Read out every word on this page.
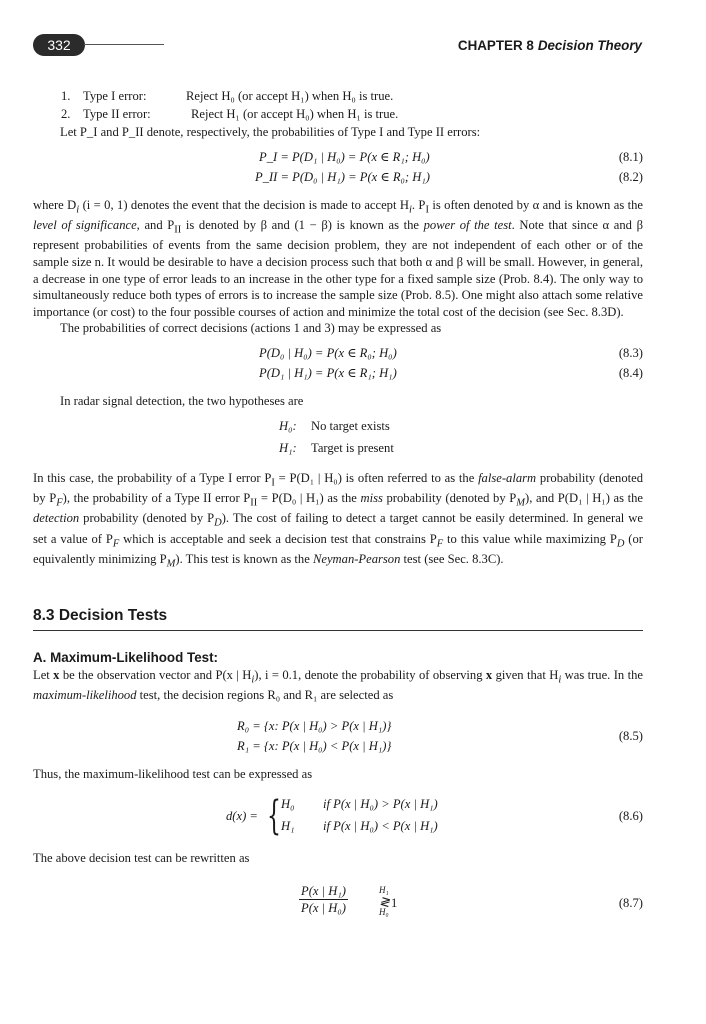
332	CHAPTER 8 Decision Theory
1. Type I error:	Reject H₀ (or accept H₁) when H₀ is true.
2. Type II error:	Reject H₁ (or accept H₀) when H₁ is true.

Let P_I and P_II denote, respectively, the probabilities of Type I and Type II errors:

P_I = P(D₁ | H₀) = P(x ∈ R₁; H₀)	(8.1)
P_II = P(D₀ | H₁) = P(x ∈ R₀; H₁)	(8.2)

where $D_i$ (i = 0, 1) denotes the event that the decision is made to accept $H_i$. $P_I$ is often denoted by α and is known as the level of significance, and $P_{II}$ is denoted by β and (1 − β) is known as the power of the test. Note that since α and β represent probabilities of events from the same decision problem, they are not independent of each other or of the sample size n. It would be desirable to have a decision process such that both α and β will be small. However, in general, a decrease in one type of error leads to an increase in the other type for a fixed sample size (Prob. 8.4). The only way to simultaneously reduce both types of errors is to increase the sample size (Prob. 8.5). One might also attach some relative importance (or cost) to the four possible courses of action and minimize the total cost of the decision (see Sec. 8.3D).

The probabilities of correct decisions (actions 1 and 3) may be expressed as

P(D₀ | H₀) = P(x ∈ R₀; H₀)	(8.3)
P(D₁ | H₁) = P(x ∈ R₁; H₁)	(8.4)

In radar signal detection, the two hypotheses are

H₀: No target exists
H₁: Target is present

In this case, the probability of a Type I error $P_I = P(D_1$ | H₀) is often referred to as the false-alarm probability (denoted by $P_F$), the probability of a Type II error $P_{II} = P(D_0$ | H₁) as the miss probability (denoted by $P_M$), and P(D₁ | H₁) as the detection probability (denoted by $P_D$). The cost of failing to detect a target cannot be easily determined. In general we set a value of $P_F$ which is acceptable and seek a decision test that constrains $P_F$ to this value while maximizing $P_D$ (or equivalently minimizing $P_M$). This test is known as the Neyman-Pearson test (see Sec. 8.3C).

8.3 Decision Tests

A. Maximum-Likelihood Test:

Let x be the observation vector and P(x | $H_i$), i = 0.1, denote the probability of observing x given that $H_i$ was true. In the maximum-likelihood test, the decision regions R₀ and R₁ are selected as

R₀ = {x: P(x | H₀) > P(x | H₁)}
R₁ = {x: P(x | H₀) < P(x | H₁)}
(8.5)

Thus, the maximum-likelihood test can be expressed as

d(x) = { H₀ if P(x | H₀) > P(x | H₁)
H₁ if P(x | H₀) < P(x | H₁)
(8.6)

The above decision test can be rewritten as

P(x | H₁)
P(x | H₀)
H₁
≷
H₀
1	(8.7)
